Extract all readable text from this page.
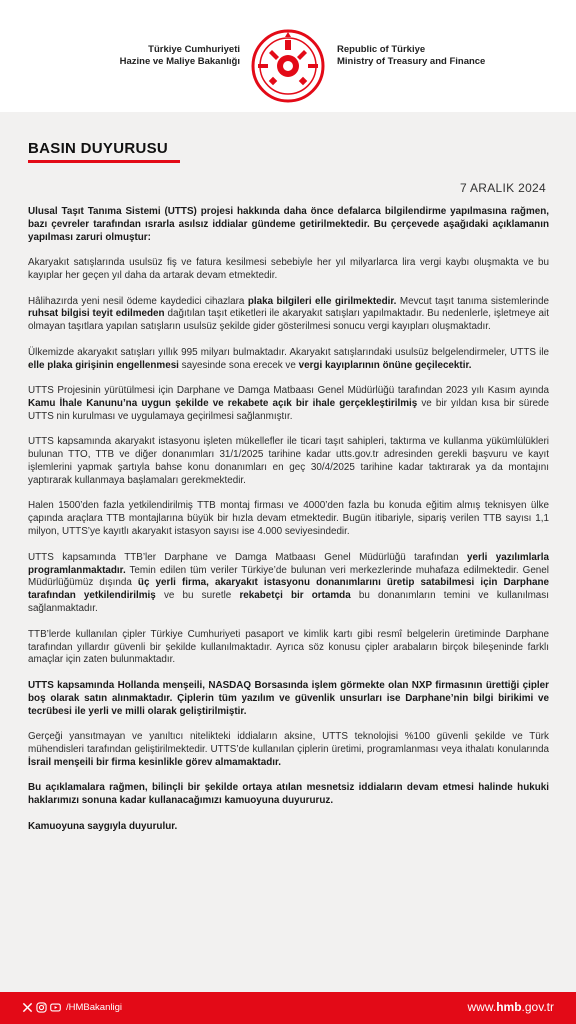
Türkiye Cumhuriyeti
Hazine ve Maliye Bakanlığı
Republic of Türkiye
Ministry of Treasury and Finance
BASIN DUYURUSU
7 ARALIK 2024

Ulusal Taşıt Tanıma Sistemi (UTTS) projesi hakkında daha önce defalarca bilgilendirme yapılmasına rağmen, bazı çevreler tarafından ısrarla asılsız iddialar gündeme getirilmektedir. Bu çerçevede aşağıdaki açıklamanın yapılması zaruri olmuştur:

Akaryakıt satışlarında usulsüz fiş ve fatura kesilmesi sebebiyle her yıl milyarlarca lira vergi kaybı oluşmakta ve bu kayıplar her geçen yıl daha da artarak devam etmektedir.

Hâlihazırda yeni nesil ödeme kaydedici cihazlara plaka bilgileri elle girilmektedir. Mevcut taşıt tanıma sistemlerinde ruhsat bilgisi teyit edilmeden dağıtılan taşıt etiketleri ile akaryakıt satışları yapılmaktadır. Bu nedenlerle, işletmeye ait olmayan taşıtlara yapılan satışların usulsüz şekilde gider gösterilmesi sonucu vergi kayıpları oluşmaktadır.

Ülkemizde akaryakıt satışları yıllık 995 milyarı bulmaktadır. Akaryakıt satışlarındaki usulsüz belgelendirmeler, UTTS ile elle plaka girişinin engellenmesi sayesinde sona erecek ve vergi kayıplarının önüne geçilecektir.

UTTS Projesinin yürütülmesi için Darphane ve Damga Matbaası Genel Müdürlüğü tarafından 2023 yılı Kasım ayında Kamu İhale Kanunu’na uygun şekilde ve rekabete açık bir ihale gerçekleştirilmiş ve bir yıldan kısa bir sürede UTTS nin kurulması ve uygulamaya geçirilmesi sağlanmıştır.

UTTS kapsamında akaryakıt istasyonu işleten mükellefler ile ticari taşıt sahipleri, taktırma ve kullanma yükümlülükleri bulunan TTO, TTB ve diğer donanımları 31/1/2025 tarihine kadar utts.gov.tr adresinden gerekli başvuru ve kayıt işlemlerini yapmak şartıyla bahse konu donanımları en geç 30/4/2025 tarihine kadar taktırarak ya da montajını yaptırarak kullanmaya başlamaları gerekmektedir.

Halen 1500’den fazla yetkilendirilmiş TTB montaj firması ve 4000’den fazla bu konuda eğitim almış teknisyen ülke çapında araçlara TTB montajlarına büyük bir hızla devam etmektedir. Bugün itibariyle, sipariş verilen TTB sayısı 1,1 milyon, UTTS’ye kayıtlı akaryakıt istasyon sayısı ise 4.000 seviyesindedir.

UTTS kapsamında TTB’ler Darphane ve Damga Matbaası Genel Müdürlüğü tarafından yerli yazılımlarla programlanmaktadır. Temin edilen tüm veriler Türkiye’de bulunan veri merkezlerinde muhafaza edilmektedir. Genel Müdürlüğümüz dışında üç yerli firma, akaryakıt istasyonu donanımlarını üretip satabilmesi için Darphane tarafından yetkilendirilmiş ve bu suretle rekabetçi bir ortamda bu donanımların temini ve kullanılması sağlanmaktadır.

TTB’lerde kullanılan çipler Türkiye Cumhuriyeti pasaport ve kimlik kartı gibi resmî belgelerin üretiminde Darphane tarafından yıllardır güvenli bir şekilde kullanılmaktadır. Ayrıca söz konusu çipler arabaların birçok bileşeninde farklı amaçlar için zaten bulunmaktadır.

UTTS kapsamında Hollanda menşeili, NASDAQ Borsasında işlem görmekte olan NXP firmasının ürettiği çipler boş olarak satın alınmaktadır. Çiplerin tüm yazılım ve güvenlik unsurları ise Darphane’nin bilgi birikimi ve tecrübesi ile yerli ve milli olarak geliştirilmiştir.

Gerçeği yansıtmayan ve yanıltıcı nitelikteki iddiaların aksine, UTTS teknolojisi %100 güvenli şekilde ve Türk mühendisleri tarafından geliştirilmektedir. UTTS’de kullanılan çiplerin üretimi, programlanması veya ithalatı konularında İsrail menşeili bir firma kesinlikle görev almamaktadır.

Bu açıklamalara rağmen, bilinçli bir şekilde ortaya atılan mesnetsiz iddiaların devam etmesi halinde hukuki haklarımızı sonuna kadar kullanacağımızı kamuoyuna duyururuz.

Kamuoyuna saygıyla duyurulur.

/HMBakanligi	www.hmb.gov.tr
